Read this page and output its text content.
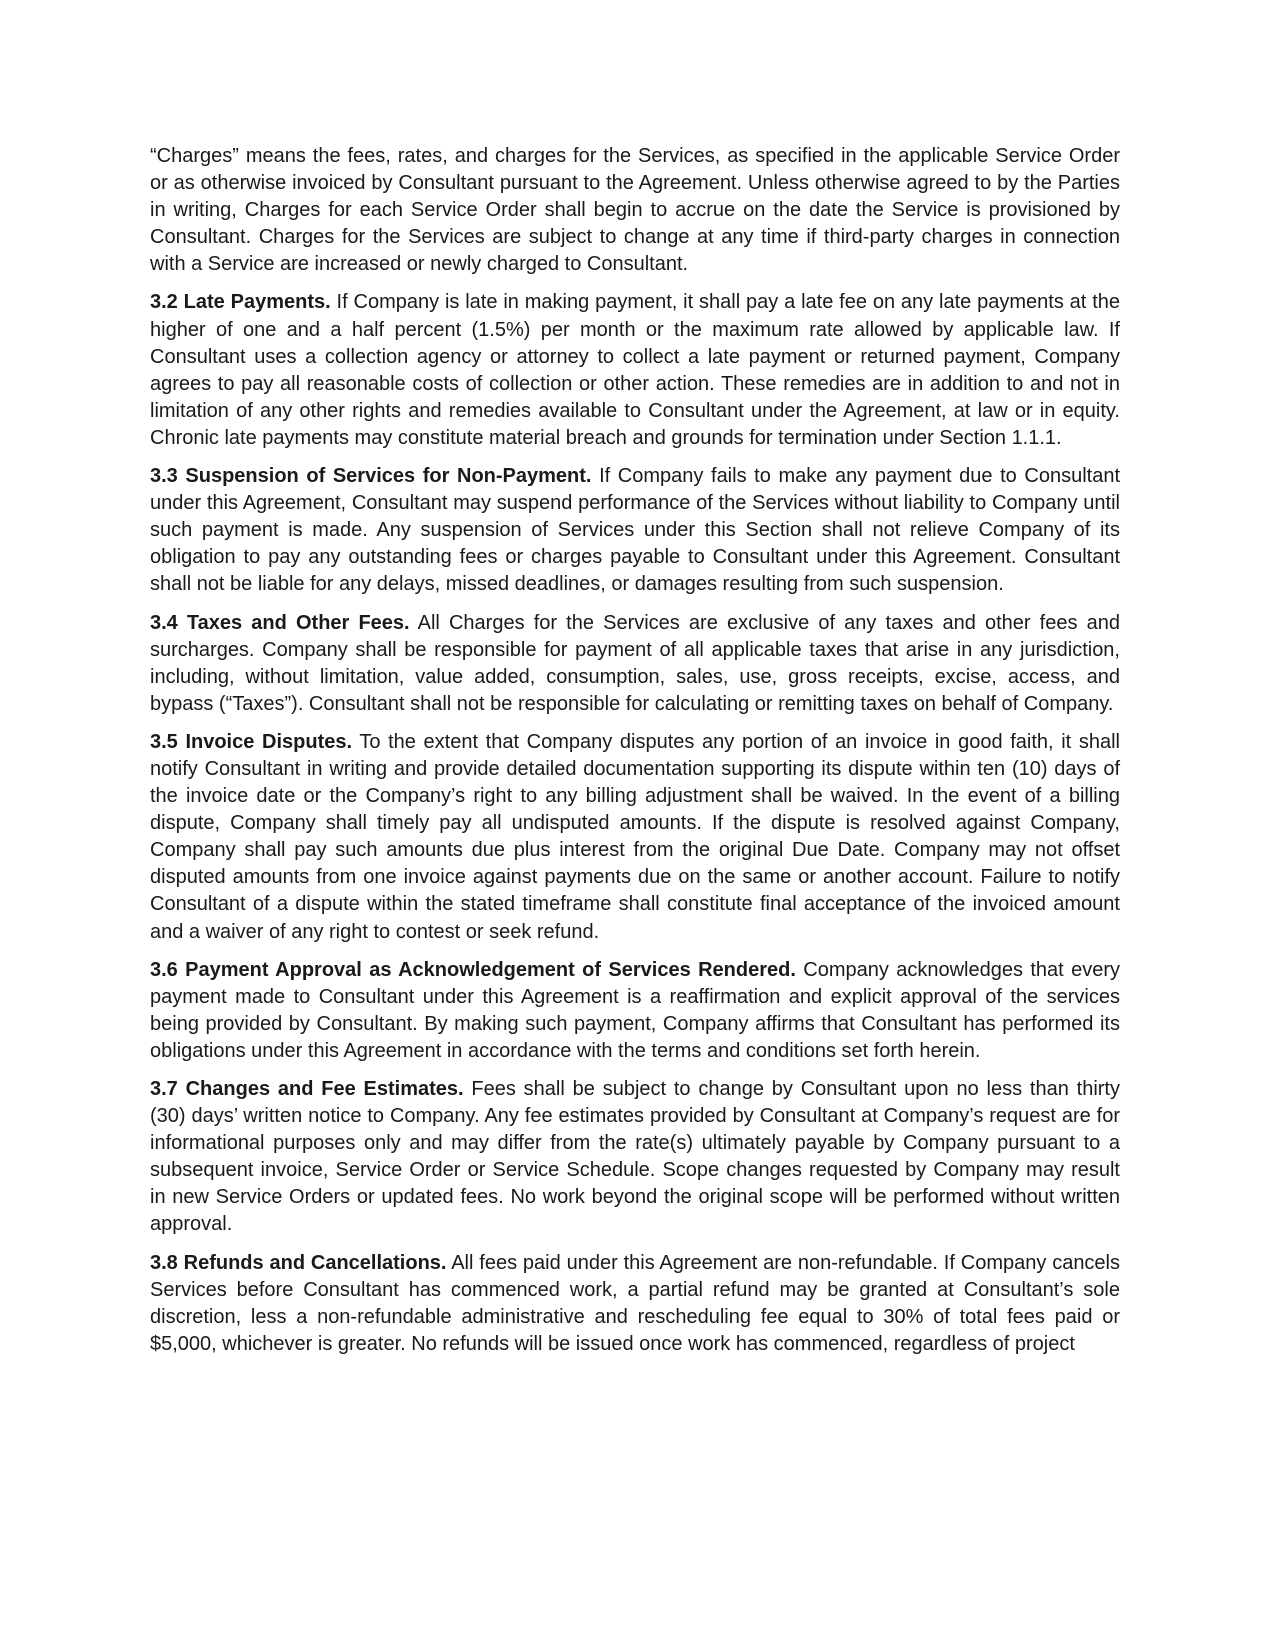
“Charges” means the fees, rates, and charges for the Services, as specified in the applicable Service Order or as otherwise invoiced by Consultant pursuant to the Agreement. Unless otherwise agreed to by the Parties in writing, Charges for each Service Order shall begin to accrue on the date the Service is provisioned by Consultant. Charges for the Services are subject to change at any time if third-party charges in connection with a Service are increased or newly charged to Consultant.

3.2 Late Payments. If Company is late in making payment, it shall pay a late fee on any late payments at the higher of one and a half percent (1.5%) per month or the maximum rate allowed by applicable law. If Consultant uses a collection agency or attorney to collect a late payment or returned payment, Company agrees to pay all reasonable costs of collection or other action. These remedies are in addition to and not in limitation of any other rights and remedies available to Consultant under the Agreement, at law or in equity. Chronic late payments may constitute material breach and grounds for termination under Section 1.1.1.

3.3 Suspension of Services for Non-Payment. If Company fails to make any payment due to Consultant under this Agreement, Consultant may suspend performance of the Services without liability to Company until such payment is made. Any suspension of Services under this Section shall not relieve Company of its obligation to pay any outstanding fees or charges payable to Consultant under this Agreement. Consultant shall not be liable for any delays, missed deadlines, or damages resulting from such suspension.

3.4 Taxes and Other Fees. All Charges for the Services are exclusive of any taxes and other fees and surcharges. Company shall be responsible for payment of all applicable taxes that arise in any jurisdiction, including, without limitation, value added, consumption, sales, use, gross receipts, excise, access, and bypass (“Taxes”). Consultant shall not be responsible for calculating or remitting taxes on behalf of Company.

3.5 Invoice Disputes. To the extent that Company disputes any portion of an invoice in good faith, it shall notify Consultant in writing and provide detailed documentation supporting its dispute within ten (10) days of the invoice date or the Company’s right to any billing adjustment shall be waived. In the event of a billing dispute, Company shall timely pay all undisputed amounts. If the dispute is resolved against Company, Company shall pay such amounts due plus interest from the original Due Date. Company may not offset disputed amounts from one invoice against payments due on the same or another account. Failure to notify Consultant of a dispute within the stated timeframe shall constitute final acceptance of the invoiced amount and a waiver of any right to contest or seek refund.

3.6 Payment Approval as Acknowledgement of Services Rendered. Company acknowledges that every payment made to Consultant under this Agreement is a reaffirmation and explicit approval of the services being provided by Consultant. By making such payment, Company affirms that Consultant has performed its obligations under this Agreement in accordance with the terms and conditions set forth herein.

3.7 Changes and Fee Estimates. Fees shall be subject to change by Consultant upon no less than thirty (30) days’ written notice to Company. Any fee estimates provided by Consultant at Company’s request are for informational purposes only and may differ from the rate(s) ultimately payable by Company pursuant to a subsequent invoice, Service Order or Service Schedule. Scope changes requested by Company may result in new Service Orders or updated fees. No work beyond the original scope will be performed without written approval.

3.8 Refunds and Cancellations. All fees paid under this Agreement are non-refundable. If Company cancels Services before Consultant has commenced work, a partial refund may be granted at Consultant’s sole discretion, less a non-refundable administrative and rescheduling fee equal to 30% of total fees paid or $5,000, whichever is greater. No refunds will be issued once work has commenced, regardless of project
